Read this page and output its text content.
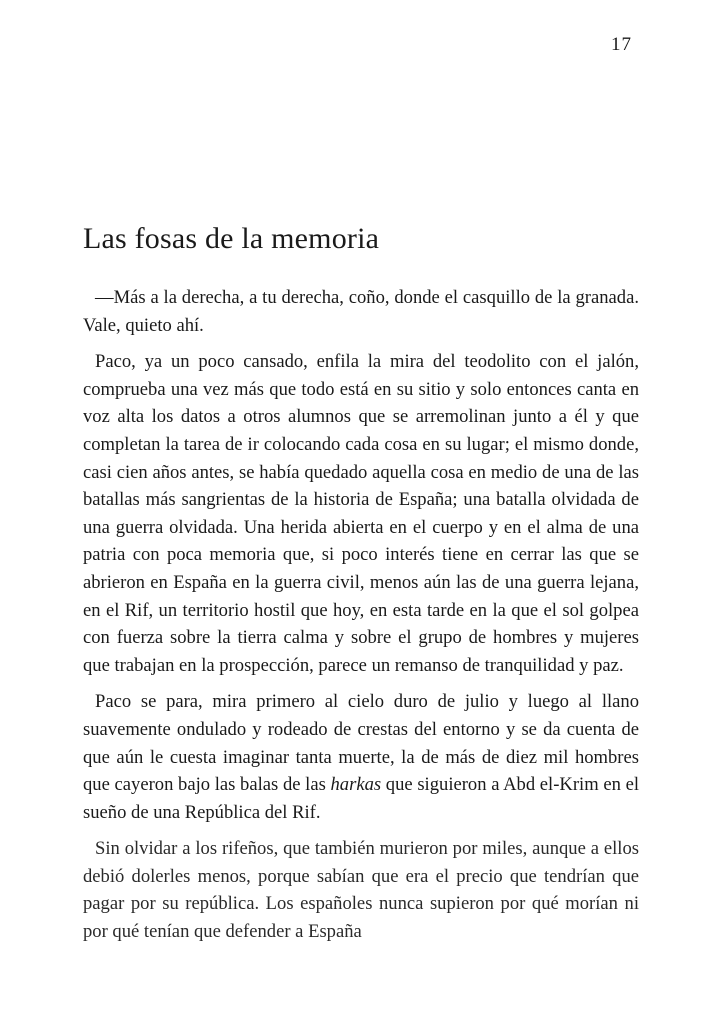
17
Las fosas de la memoria

—Más a la derecha, a tu derecha, coño, donde el casquillo de la granada. Vale, quieto ahí.

Paco, ya un poco cansado, enfila la mira del teodolito con el jalón, comprueba una vez más que todo está en su sitio y solo entonces canta en voz alta los datos a otros alumnos que se arremolinan junto a él y que completan la tarea de ir colocando cada cosa en su lugar; el mismo donde, casi cien años antes, se había quedado aquella cosa en medio de una de las batallas más sangrientas de la historia de España; una batalla olvidada de una guerra olvidada. Una herida abierta en el cuerpo y en el alma de una patria con poca memoria que, si poco interés tiene en cerrar las que se abrieron en España en la guerra civil, menos aún las de una guerra lejana, en el Rif, un territorio hostil que hoy, en esta tarde en la que el sol golpea con fuerza sobre la tierra calma y sobre el grupo de hombres y mujeres que trabajan en la prospección, parece un remanso de tranquilidad y paz.

Paco se para, mira primero al cielo duro de julio y luego al llano suavemente ondulado y rodeado de crestas del entorno y se da cuenta de que aún le cuesta imaginar tanta muerte, la de más de diez mil hombres que cayeron bajo las balas de las harkas que siguieron a Abd el-Krim en el sueño de una República del Rif.

Sin olvidar a los rifeños, que también murieron por miles, aunque a ellos debió dolerles menos, porque sabían que era el precio que tendrían que pagar por su república. Los españoles nunca supieron por qué morían ni por qué tenían que defender a España
